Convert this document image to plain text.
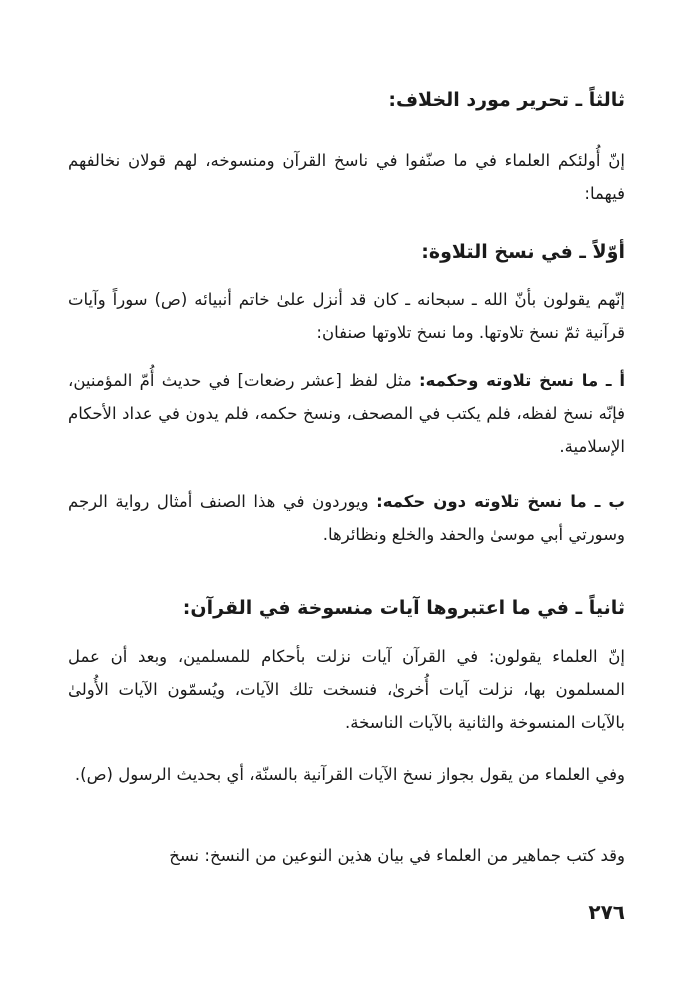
ثالثاً ـ تحرير مورد الخلاف:
إنّ أُولئكم العلماء في ما صنّفوا في ناسخ القرآن ومنسوخه، لهم قولان نخالفهم فيهما:
أوّلاً ـ في نسخ التلاوة:
إنّهم يقولون بأنّ الله ـ سبحانه ـ كان قد أنزل علىٰ خاتم أنبيائه (ص) سوراً وآيات قرآنية ثمّ نسخ تلاوتها. وما نسخ تلاوتها صنفان:
أ ـ ما نسخ تلاوته وحكمه: مثل لفظ [عشر رضعات] في حديث أُمّ المؤمنين، فإنّه نسخ لفظه، فلم يكتب في المصحف، ونسخ حكمه، فلم يدون في عداد الأحكام الإسلامية.
ب ـ ما نسخ تلاوته دون حكمه: ويوردون في هذا الصنف أمثال رواية الرجم وسورتي أبي موسىٰ والحفد والخلع ونظائرها.
ثانياً ـ في ما اعتبروها آيات منسوخة في القرآن:
إنّ العلماء يقولون: في القرآن آيات نزلت بأحكام للمسلمين، وبعد أن عمل المسلمون بها، نزلت آيات أُخرىٰ، فنسخت تلك الآيات، ويُسمّون الآيات الأُولىٰ بالآيات المنسوخة والثانية بالآيات الناسخة.
وفي العلماء من يقول بجواز نسخ الآيات القرآنية بالسنّة، أي بحديث الرسول (ص).
وقد كتب جماهير من العلماء في بيان هذين النوعين من النسخ: نسخ
٢٧٦
